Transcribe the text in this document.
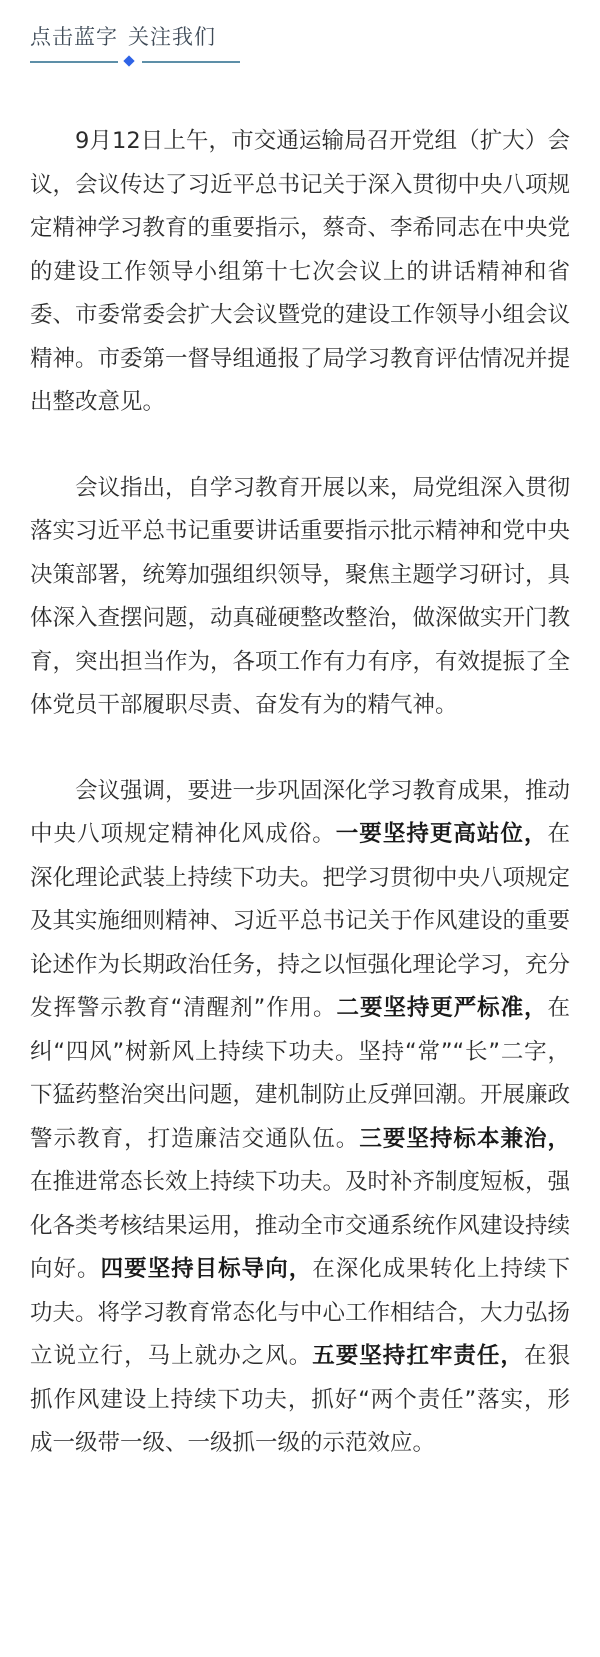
点击蓝字 关注我们

9月12日上午，市交通运输局召开党组（扩大）会议，会议传达了习近平总书记关于深入贯彻中央八项规定精神学习教育的重要指示，蔡奇、李希同志在中央党的建设工作领导小组第十七次会议上的讲话精神和省委、市委常委会扩大会议暨党的建设工作领导小组会议精神。市委第一督导组通报了局学习教育评估情况并提出整改意见。

会议指出，自学习教育开展以来，局党组深入贯彻落实习近平总书记重要讲话重要指示批示精神和党中央决策部署，统筹加强组织领导，聚焦主题学习研讨，具体深入查摆问题，动真碰硬整改整治，做深做实开门教育，突出担当作为，各项工作有力有序，有效提振了全体党员干部履职尽责、奋发有为的精气神。

会议强调，要进一步巩固深化学习教育成果，推动中央八项规定精神化风成俗。一要坚持更高站位，在深化理论武装上持续下功夫。把学习贯彻中央八项规定及其实施细则精神、习近平总书记关于作风建设的重要论述作为长期政治任务，持之以恒强化理论学习，充分发挥警示教育“清醒剂”作用。二要坚持更严标准，在纠“四风”树新风上持续下功夫。坚持“常”“长”二字，下猛药整治突出问题，建机制防止反弹回潮。开展廉政警示教育，打造廉洁交通队伍。三要坚持标本兼治，在推进常态长效上持续下功夫。及时补齐制度短板，强化各类考核结果运用，推动全市交通系统作风建设持续向好。四要坚持目标导向，在深化成果转化上持续下功夫。将学习教育常态化与中心工作相结合，大力弘扬立说立行，马上就办之风。五要坚持扛牢责任，在狠抓作风建设上持续下功夫，抓好“两个责任”落实，形成一级带一级、一级抓一级的示范效应。
